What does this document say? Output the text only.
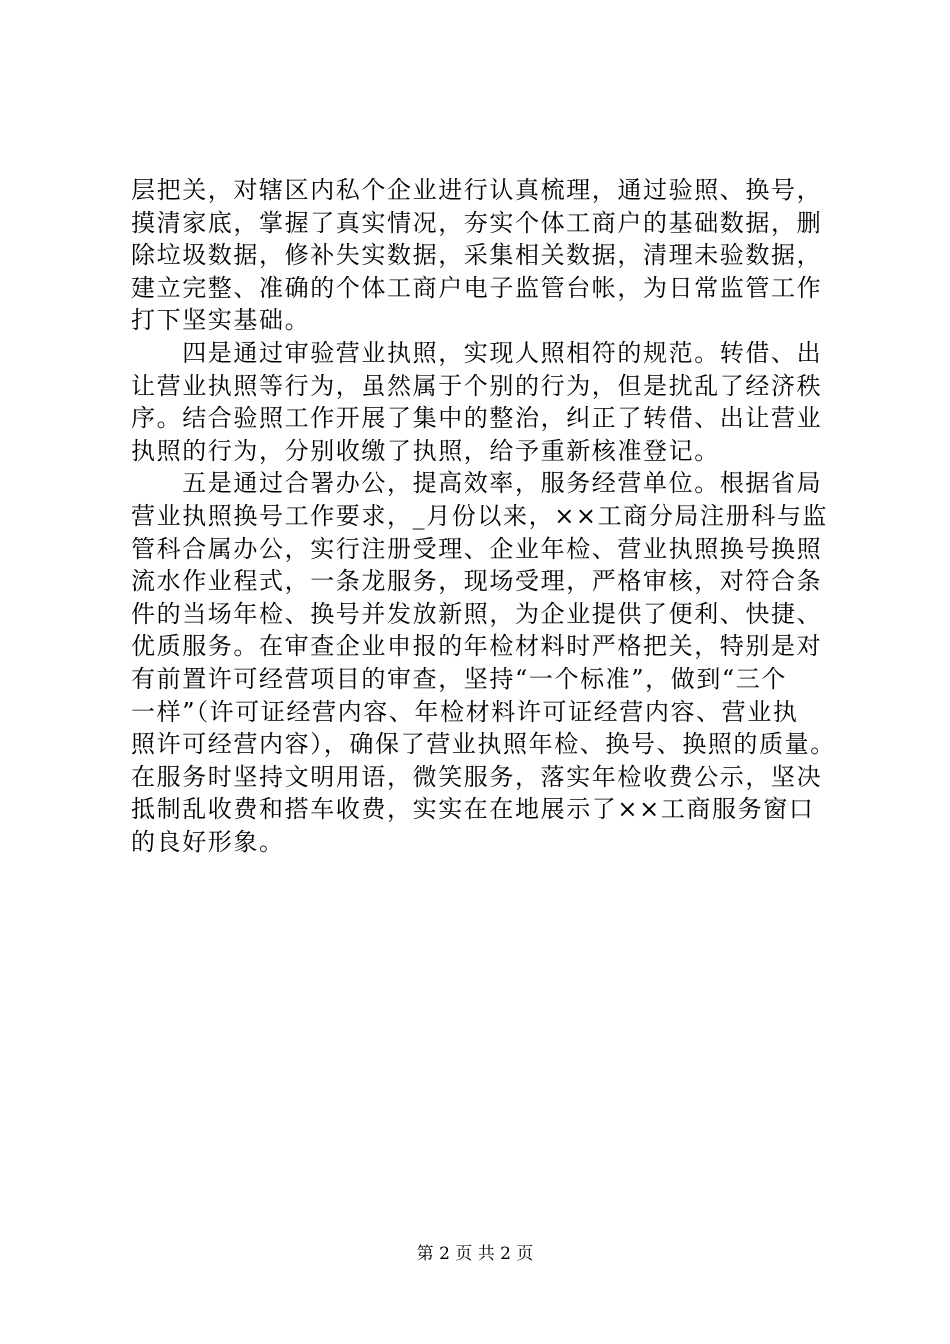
层把关，对辖区内私个企业进行认真梳理，通过验照、换号，
摸清家底，掌握了真实情况，夯实个体工商户的基础数据，删
除垃圾数据，修补失实数据，采集相关数据，清理未验数据，
建立完整、准确的个体工商户电子监管台帐，为日常监管工作
打下坚实基础。
　　四是通过审验营业执照，实现人照相符的规范。转借、出
让营业执照等行为，虽然属于个别的行为，但是扰乱了经济秩
序。结合验照工作开展了集中的整治，纠正了转借、出让营业
执照的行为，分别收缴了执照，给予重新核准登记。
　　五是通过合署办公，提高效率，服务经营单位。根据省局
营业执照换号工作要求，_月份以来，××工商分局注册科与监
管科合属办公，实行注册受理、企业年检、营业执照换号换照
流水作业程式，一条龙服务，现场受理，严格审核，对符合条
件的当场年检、换号并发放新照，为企业提供了便利、快捷、
优质服务。在审查企业申报的年检材料时严格把关，特别是对
有前置许可经营项目的审查，坚持“一个标准”，做到“三个
一样”（许可证经营内容、年检材料许可证经营内容、营业执
照许可经营内容），确保了营业执照年检、换号、换照的质量。
在服务时坚持文明用语，微笑服务，落实年检收费公示，坚决
抵制乱收费和搭车收费，实实在在地展示了××工商服务窗口
的良好形象。
第 2 页 共 2 页
